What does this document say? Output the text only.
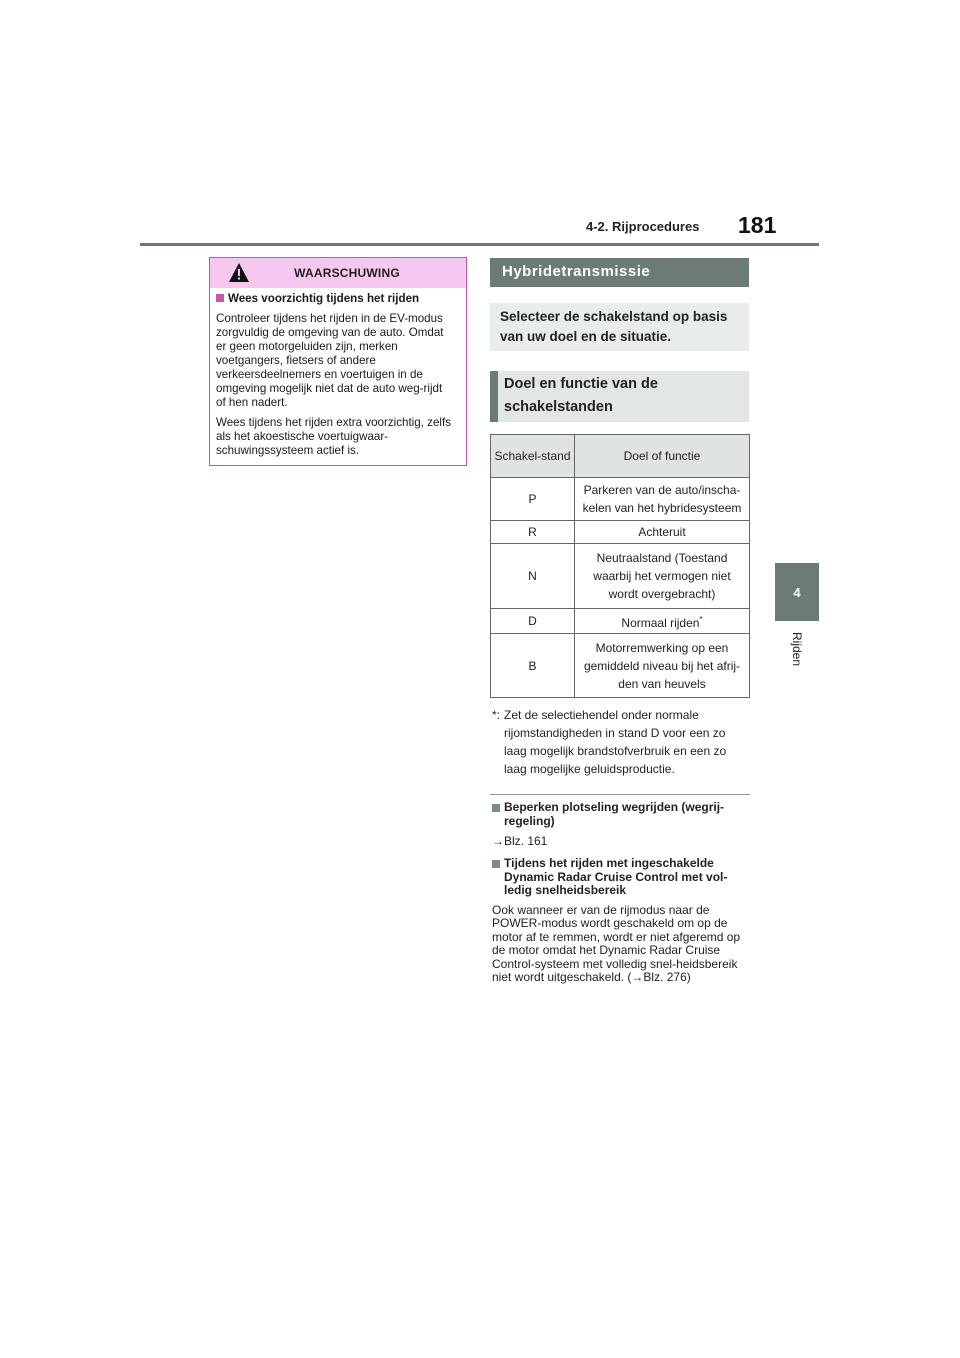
4-2. Rijprocedures 181
4
Rijden
WAARSCHUWING

Wees voorzichtig tijdens het rijden

Controleer tijdens het rijden in de EV-modus zorgvuldig de omgeving van de auto. Omdat er geen motorgeluiden zijn, merken voetgangers, fietsers of andere verkeersdeelnemers en voertuigen in de omgeving mogelijk niet dat de auto weg-rijdt of hen nadert.

Wees tijdens het rijden extra voorzichtig, zelfs als het akoestische voertuigwaar-schuwingssysteem actief is.

Hybridetransmissie
Selecteer de schakelstand op basis van uw doel en de situatie.
Doel en functie van de schakelstanden
Schakel-stand	Doel of functie
P	Parkeren van de auto/inscha-kelen van het hybridesysteem
R	Achteruit
N	Neutraalstand (Toestand waarbij het vermogen niet wordt overgebracht)
D	Normaal rijden*
B	Motorremwerking op een gemiddeld niveau bij het afrij-den van heuvels
*: Zet de selectiehendel onder normale rijomstandigheden in stand D voor een zo laag mogelijk brandstofverbruik en een zo laag mogelijke geluidsproductie.
Beperken plotseling wegrijden (wegrij-regeling)
→Blz. 161
Tijdens het rijden met ingeschakelde Dynamic Radar Cruise Control met vol-ledig snelheidsbereik
Ook wanneer er van de rijmodus naar de POWER-modus wordt geschakeld om op de motor af te remmen, wordt er niet afgeremd op de motor omdat het Dynamic Radar Cruise Control-systeem met volledig snel-heidsbereik niet wordt uitgeschakeld. (→Blz. 276)
